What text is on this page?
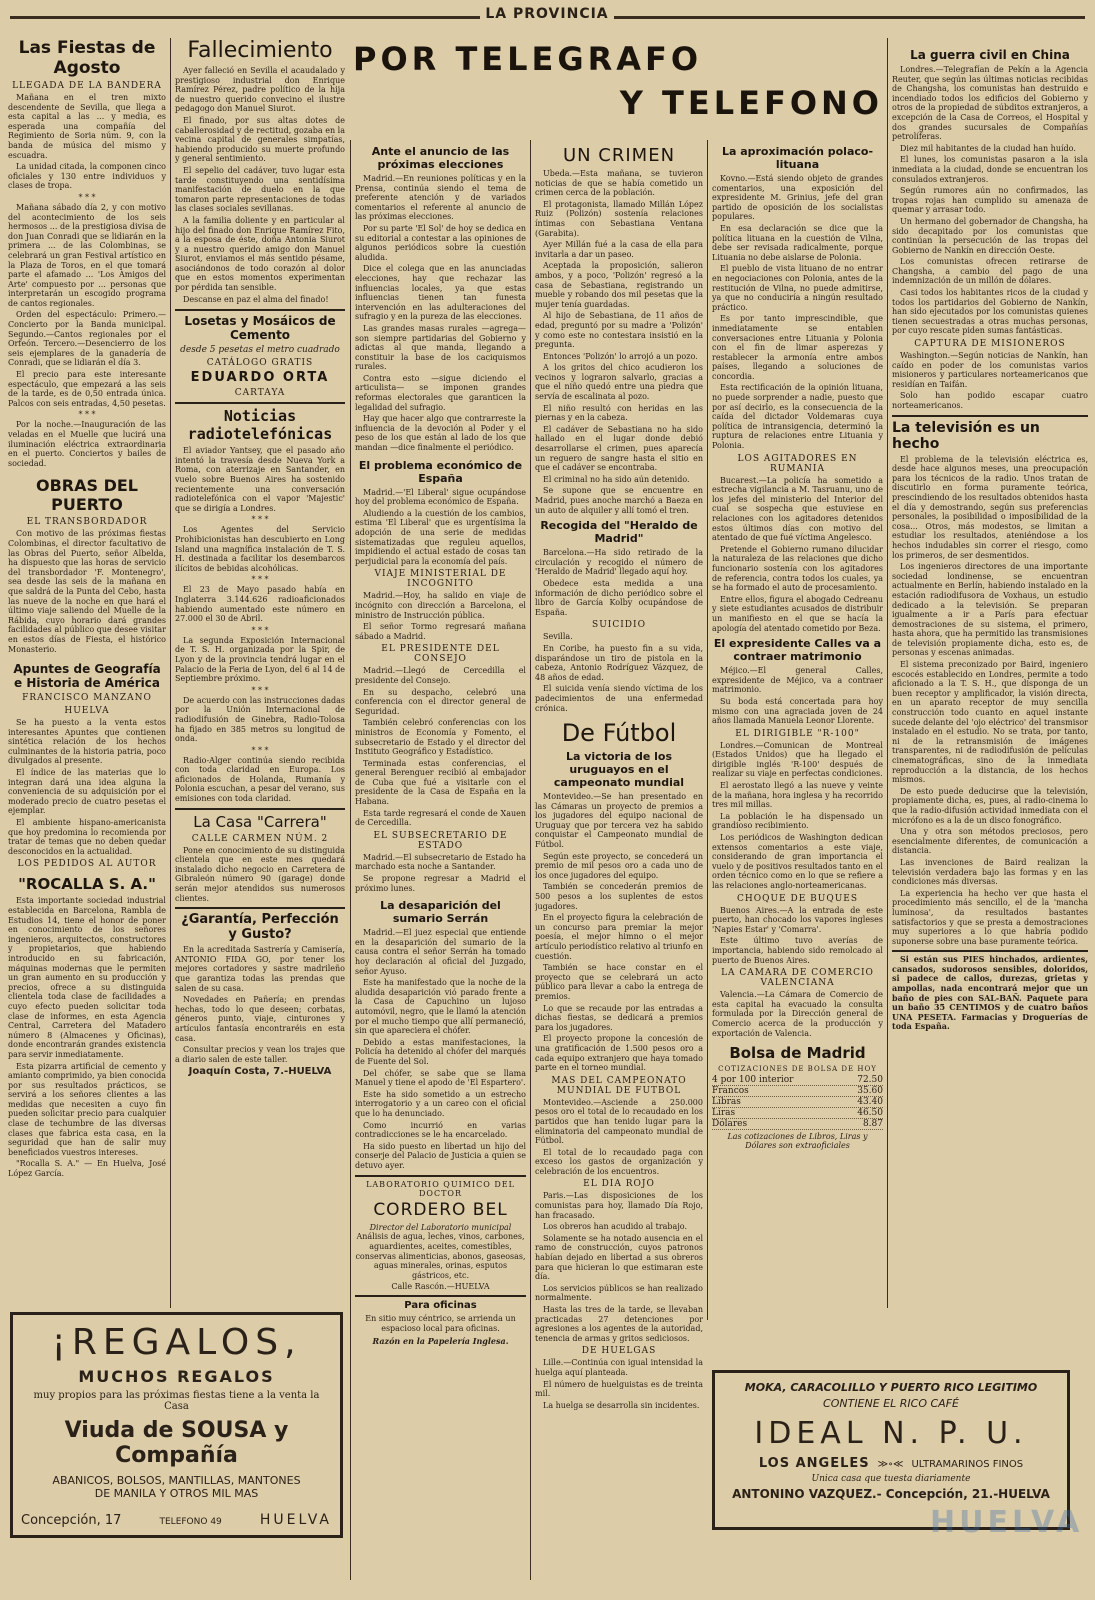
LA PROVINCIA
Las Fiestas de Agosto
LLEGADA DE LA BANDERA

Mañana en el tren mixto descendente de Sevilla, que llega a esta capital a las ... y media, es esperada una compañía del Regimiento de Soria núm. 9, con la banda de música del mismo y escuadra.

La unidad citada, la componen cinco oficiales y 130 entre individuos y clases de tropa.

* * *

Mañana sábado día 2, y con motivo del acontecimiento de los seis hermosos ... de la prestigiosa divisa de don Juan Conradi que se lidiarán en la primera ... de las Colombinas, se celebrará un gran Festival artístico en la Plaza de Toros, en el que tomará parte el afamado ... 'Los Amigos del Arte' compuesto por ... personas que interpretarán un escogido programa de cantos regionales.

Orden del espectáculo: Primero.—Concierto por la Banda municipal. Segundo.—Cantos regionales por el Orfeón. Tercero.—Desencierro de los seis ejemplares de la ganadería de Conradi, que se lidiarán el día 3.

El precio para este interesante espectáculo, que empezará a las seis de la tarde, es de 0,50 entrada única. Palcos con seis entradas, 4,50 pesetas.

* * *

Por la noche.—Inauguración de las veladas en el Muelle que lucirá una iluminación eléctrica extraordinaria en el puerto. Conciertos y bailes de sociedad.

OBRAS DEL PUERTO
EL TRANSBORDADOR

Con motivo de las próximas fiestas Colombinas, el director facultativo de las Obras del Puerto, señor Albelda, ha dispuesto que las horas de servicio del transbordador 'F. Montenegro', sea desde las seis de la mañana en que saldrá de la Punta del Cebo, hasta las nueve de la noche en que hará el último viaje saliendo del Muelle de la Rábida, cuyo horario dará grandes facilidades al público que desee visitar en estos días de Fiesta, el histórico Monasterio.

Apuntes de Geografía e Historia de América
FRANCISCO MANZANO
HUELVA

Se ha puesto a la venta estos interesantes Apuntes que contienen sintética relación de los hechos culminantes de la historia patria, poco divulgados al presente.

El índice de las materias que lo integran dará una idea alguna la conveniencia de su adquisición por el moderado precio de cuatro pesetas el ejemplar.

El ambiente hispano-americanista que hoy predomina lo recomienda por tratar de temas que no deben quedar desconocidos en la actualidad.

LOS PEDIDOS AL AUTOR
"ROCALLA S. A."

Esta importante sociedad industrial establecida en Barcelona, Rambla de Estudios 14, tiene el honor de poner en conocimiento de los señores ingenieros, arquitectos, constructores y propietarios, que habiendo introducido en su fabricación, máquinas modernas que le permiten un gran aumento en su producción y precios, ofrece a su distinguida clientela toda clase de facilidades a cuyo efecto pueden solicitar toda clase de informes, en esta Agencia Central, Carretera del Matadero número 8 (Almacenes y Oficinas), donde encontrarán grandes existencia para servir inmediatamente.

Esta pizarra artificial de cemento y amianto comprimido, ya bien conocida por sus resultados prácticos, se servirá a los señores clientes a las medidas que necesiten a cuyo fin pueden solicitar precio para cualquier clase de techumbre de las diversas clases que fabrica esta casa, en la seguridad que han de salir muy beneficiados vuestros intereses.

"Rocalla S. A." — En Huelva, José López García.

Fallecimiento

Ayer falleció en Sevilla el acaudalado y prestigioso industrial don Enrique Ramírez Pérez, padre político de la hija de nuestro querido convecino el ilustre pedagogo don Manuel Siurot.

El finado, por sus altas dotes de caballerosidad y de rectitud, gozaba en la vecina capital de generales simpatías, habiendo producido su muerte profundo y general sentimiento.

El sepelio del cadáver, tuvo lugar esta tarde constituyendo una sentidísima manifestación de duelo en la que tomaron parte representaciones de todas las clases sociales sevillanas.

A la familia doliente y en particular al hijo del finado don Enrique Ramírez Fito, a la esposa de éste, doña Antonia Siurot y a nuestro querido amigo don Manuel Siurot, enviamos el más sentido pésame, asociándonos de todo corazón al dolor que en estos momentos experimentan por pérdida tan sensible.

Descanse en paz el alma del finado!

Losetas y Mosáicos de Cemento
desde 5 pesetas el metro cuadrado
CATÁLOGO GRATIS
EDUARDO ORTA
CARTAYA
Noticias radiotelefónicas

El aviador Yantsey, que el pasado año intentó la travesía desde Nueva York a Roma, con aterrizaje en Santander, en vuelo sobre Buenos Aires ha sostenido recientemente una conversación radiotelefónica con el vapor 'Majestic' que se dirigía a Londres.

* * *

Los Agentes del Servicio Prohibicionistas han descubierto en Long Island una magnífica instalación de T. S. H. destinada a facilitar los desembarcos ilícitos de bebidas alcohólicas.

* * *

El 23 de Mayo pasado había en Inglaterra 3.144.626 radioaficionados habiendo aumentado este número en 27.000 el 30 de Abril.

* * *

La segunda Exposición Internacional de T. S. H. organizada por la Spir, de Lyon y de la provincia tendrá lugar en el Palacio de la Feria de Lyon, del 6 al 14 de Septiembre próximo.

* * *

De acuerdo con las instrucciones dadas por la Unión Internacional de radiodifusión de Ginebra, Radio-Tolosa ha fijado en 385 metros su longitud de onda.

* * *

Radio-Alger continúa siendo recibida con toda claridad en Europa. Los aficionados de Holanda, Rumanía y Polonia escuchan, a pesar del verano, sus emisiones con toda claridad.

La Casa "Carrera"
CALLE CARMEN NÚM. 2

Pone en conocimiento de su distinguida clientela que en este mes quedará instalado dicho negocio en Carretera de Gibraleón número 90 (garage) donde serán mejor atendidos sus numerosos clientes.

¿Garantía, Perfección y Gusto?

En la acreditada Sastrería y Camisería, ANTONIO FIDA GO, por tener los mejores cortadores y sastre madrileño que garantiza todas las prendas que salen de su casa.

Novedades en Pañería; en prendas hechas, todo lo que deseen; corbatas, géneros punto, viaje, cinturones y artículos fantasía encontraréis en esta casa.

Consultar precios y vean los trajes que a diario salen de este taller.

Joaquín Costa, 7.-HUELVA
POR TELEGRAFO
Y TELEFONO
Ante el anuncio de las próximas elecciones

Madrid.—En reuniones políticas y en la Prensa, continúa siendo el tema de preferente atención y de variados comentarios el referente al anuncio de las próximas elecciones.

Por su parte 'El Sol' de hoy se dedica en su editorial a contestar a las opiniones de algunos periódicos sobre la cuestión aludida.

Dice el colega que en las anunciadas elecciones, hay que rechazar las influencias locales, ya que estas influencias tienen tan funesta intervención en las adulteraciones del sufragio y en la pureza de las elecciones.

Las grandes masas rurales —agrega— son siempre partidarias del Gobierno y adictas al que manda, llegando a constituir la base de los caciquismos rurales.

Contra esto —sigue diciendo el articulista— se imponen grandes reformas electorales que garanticen la legalidad del sufragio.

Hay que hacer algo que contrarreste la influencia de la devoción al Poder y el peso de los que están al lado de los que mandan —dice finalmente el periódico.

El problema económico de España

Madrid.—'El Liberal' sigue ocupándose hoy del problema económico de España.

Aludiendo a la cuestión de los cambios, estima 'El Liberal' que es urgentísima la adopción de una serie de medidas sistematizadas que reguleu aquellos, impidiendo el actual estado de cosas tan perjudicial para la economía del país.

VIAJE MINISTERIAL DE INCOGNITO

Madrid.—Hoy, ha salido en viaje de incógnito con dirección a Barcelona, el ministro de Instrucción pública.

El señor Tormo regresará mañana sábado a Madrid.

EL PRESIDENTE DEL CONSEJO

Madrid.—Llegó de Cercedilla el presidente del Consejo.

En su despacho, celebró una conferencia con el director general de Seguridad.

También celebró conferencias con los ministros de Economía y Fomento, el subsecretario de Estado y el director del Instituto Geográfico y Estadístico.

Terminada estas conferencias, el general Berenguer recibió al embajador de Cuba que fué a visitarle con el presidente de la Casa de España en la Habana.

Esta tarde regresará el conde de Xauen de Cercedilla.

EL SUBSECRETARIO DE ESTADO

Madrid.—El subsecretario de Estado ha marchado esta noche a Santander.

Se propone regresar a Madrid el próximo lunes.

La desaparición del sumario Serrán

Madrid.—El juez especial que entiende en la desaparición del sumario de la causa contra el señor Serrán ha tomado hoy declaración al oficial del Juzgado, señor Ayuso.

Este ha manifestado que la noche de la aludida desaparición vió parado frente a la Casa de Capuchino un lujoso automóvil, negro, que le llamó la atención por el mucho tiempo que allí permaneció, sin que apareciera el chófer.

Debido a estas manifestaciones, la Policía ha detenido al chófer del marqués de Fuente del Sol.

Del chófer, se sabe que se llama Manuel y tiene el apodo de 'El Espartero'.

Este ha sido sometido a un estrecho interrogatorio y a un careo con el oficial que lo ha denunciado.

Como incurrió en varias contradicciones se le ha encarcelado.

Ha sido puesto en libertad un hijo del conserje del Palacio de Justicia a quien se detuvo ayer.

LABORATORIO QUIMICO DEL DOCTOR
CORDERO BEL
Director del Laboratorio municipal

Análisis de agua, leches, vinos, carbones, aguardientes, aceites, comestibles, conservas alimenticias, abonos, gaseosas, aguas minerales, orinas, esputos gástricos, etc.

Calle Rascón.—HUELVA
Para oficinas

En sitio muy céntrico, se arrienda un espacioso local para oficinas.

Razón en la Papelería Inglesa.
UN CRIMEN

Ubeda.—Esta mañana, se tuvieron noticias de que se había cometido un crimen cerca de la población.

El protagonista, llamado Millán López Ruiz (Polizón) sostenía relaciones íntimas con Sebastiana Ventana (Garabita).

Ayer Millán fué a la casa de ella para invitarla a dar un paseo.

Aceptada la proposición, salieron ambos, y a poco, 'Polizón' regresó a la casa de Sebastiana, registrando un mueble y robando dos mil pesetas que la mujer tenía guardadas.

Al hijo de Sebastiana, de 11 años de edad, preguntó por su madre a 'Polizón' y como este no contestara insistió en la pregunta.

Entonces 'Polizón' lo arrojó a un pozo.

A los gritos del chico acudieron los vecinos y lograron salvarlo, gracias a que el niño quedó entre una piedra que servía de escalinata al pozo.

El niño resultó con heridas en las piernas y en la cabeza.

El cadáver de Sebastiana no ha sido hallado en el lugar donde debió desarrollarse el crimen, pues aparecía un reguero de sangre hasta el sitio en que el cadáver se encontraba.

El criminal no ha sido aún detenido.

Se supone que se encuentre en Madrid, pues anoche marchó a Baeza en un auto de alquiler y allí tomó el tren.

Recogida del "Heraldo de Madrid"

Barcelona.—Ha sido retirado de la circulación y recogido el número de 'Heraldo de Madrid' llegado aquí hoy.

Obedece esta medida a una información de dicho periódico sobre el libro de García Kolby ocupándose de España.

SUICIDIO

Sevilla.

En Coribe, ha puesto fin a su vida, disparándose un tiro de pistola en la cabeza, Antonio Rodríguez Vázquez, de 48 años de edad.

El suicida venía siendo víctima de los padecimientos de una enfermedad crónica.

De Fútbol
La victoria de los uruguayos en el campeonato mundial

Montevideo.—Se han presentado en las Cámaras un proyecto de premios a los jugadores del equipo nacional de Uruguay que por tercera vez ha sabido conquistar el Campeonato mundial de Fútbol.

Según este proyecto, se concederá un premio de mil pesos oro a cada uno de los once jugadores del equipo.

También se concederán premios de 500 pesos a los suplentes de estos jugadores.

En el proyecto figura la celebración de un concurso para premiar la mejor poesía, el mejor himno o el mejor artículo periodístico relativo al triunfo en cuestión.

También se hace constar en el proyecto que se celebrará un acto público para llevar a cabo la entrega de premios.

Lo que se recaude por las entradas a dichas fiestas, se dedicará a premios para los jugadores.

El proyecto propone la concesión de una gratificación de 1.500 pesos oro a cada equipo extranjero que haya tomado parte en el torneo mundial.

MAS DEL CAMPEONATO MUNDIAL DE FUTBOL

Montevideo.—Asciende a 250.000 pesos oro el total de lo recaudado en los partidos que han tenido lugar para la eliminatoria del campeonato mundial de Fútbol.

El total de lo recaudado paga con exceso los gastos de organización y celebración de los encuentros.

EL DIA ROJO

Paris.—Las disposiciones de los comunistas para hoy, llamado Día Rojo, han fracasado.

Los obreros han acudido al trabajo.

Solamente se ha notado ausencia en el ramo de construcción, cuyos patronos habían dejado en libertad a sus obreros para que hicieran lo que estimaran este día.

Los servicios públicos se han realizado normalmente.

Hasta las tres de la tarde, se llevaban practicadas 27 detenciones por agresiones a los agentes de la autoridad, tenencia de armas y gritos sediciosos.

DE HUELGAS

Lille.—Continúa con igual intensidad la huelga aquí planteada.

El número de huelguistas es de treinta mil.

La huelga se desarrolla sin incidentes.

La aproximación polaco-lituana

Kovno.—Está siendo objeto de grandes comentarios, una exposición del expresidente M. Grinius, jefe del gran partido de oposición de los socialistas populares.

En esa declaración se dice que la política lituana en la cuestión de Vilna, debe ser revisada radicalmente, porque Lituania no debe aislarse de Polonia.

El pueblo de vista lituano de no entrar en negociaciones con Polonia, antes de la restitución de Vilna, no puede admitirse, ya que no conduciría a ningún resultado práctico.

Es por tanto imprescindible, que inmediatamente se entablen conversaciones entre Lituania y Polonia con el fin de limar asperezas y restablecer la armonía entre ambos países, llegando a soluciones de concordia.

Esta rectificación de la opinión lituana, no puede sorprender a nadie, puesto que por así decirlo, es la consecuencia de la caída del dictador Voldemaras cuya política de intransigencia, determinó la ruptura de relaciones entre Lituania y Polonia.

LOS AGITADORES EN RUMANIA

Bucarest.—La policía ha sometido a estrecha vigilancia a M. Tasruanu, uno de los jefes del ministerio del Interior del cual se sospecha que estuviese en relaciones con los agitadores detenidos estos últimos días con motivo del atentado de que fué víctima Angelesco.

Pretende el Gobierno rumano dilucidar la naturaleza de las relaciones que dicho funcionario sostenía con los agitadores de referencia, contra todos los cuales, ya se ha formado el auto de procesamiento.

Entre ellos, figura el abogado Cedreanu y siete estudiantes acusados de distribuir un manifiesto en el que se hacía la apología del atentado cometido por Beza.

El expresidente Calles va a contraer matrimonio

Méjico.—El general Calles, expresidente de Méjico, va a contraer matrimonio.

Su boda está concertada para hoy mismo con una agraciada joven de 24 años llamada Manuela Leonor Llorente.

EL DIRIGIBLE "R-100"

Londres.—Comunican de Montreal (Estados Unidos) que ha llegado el dirigible inglés 'R-100' después de realizar su viaje en perfectas condiciones.

El aerostato llegó a las nueve y veinte de la mañana, hora inglesa y ha recorrido tres mil millas.

La población le ha dispensado un grandioso recibimiento.

Los periódicos de Washington dedican extensos comentarios a este viaje, considerando de gran importancia el vuelo y de positivos resultados tanto en el orden técnico como en lo que se refiere a las relaciones anglo-norteamericanas.

CHOQUE DE BUQUES

Buenos Aires.—A la entrada de este puerto, han chocado los vapores ingleses 'Napies Estar' y 'Comarra'.

Este último tuvo averías de importancia, habiendo sido remolcado al puerto de Buenos Aires.

LA CAMARA DE COMERCIO VALENCIANA

Valencia.—La Cámara de Comercio de esta capital ha evacuado la consulta formulada por la Dirección general de Comercio acerca de la producción y exportación de Valencia.

Bolsa de Madrid
COTIZACIONES DE BOLSA DE HOY
4 por 100 interior	72.50
Francos	35.60
Libras	43.40
Liras	46.50
Dólares	8.87
Las cotizaciones de Libros, Liras y Dólares son extraoficiales
La guerra civil en China

Londres.—Telegrafían de Pekín a la Agencia Reuter, que según las últimas noticias recibidas de Changsha, los comunistas han destruido e incendiado todos los edificios del Gobierno y otros de la propiedad de súbditos extranjeros, a excepción de la Casa de Correos, el Hospital y dos grandes sucursales de Compañías petrolíferas.

Diez mil habitantes de la ciudad han huído.

El lunes, los comunistas pasaron a la isla inmediata a la ciudad, donde se encuentran los consulados extranjeros.

Según rumores aún no confirmados, las tropas rojas han cumplido su amenaza de quemar y arrasar todo.

Un hermano del gobernador de Changsha, ha sido decapitado por los comunistas que continúan la persecución de las tropas del Gobierno de Nankín en dirección Oeste.

Los comunistas ofrecen retirarse de Changsha, a cambio del pago de una indemnización de un millón de dólares.

Casi todos los habitantes ricos de la ciudad y todos los partidarios del Gobierno de Nankín, han sido ejecutados por los comunistas quienes tienen secuestradas a otras muchas personas, por cuyo rescate piden sumas fantásticas.

CAPTURA DE MISIONEROS

Washington.—Según noticias de Nankín, han caído en poder de los comunistas varios misioneros y particulares norteamericanos que residían en Taifán.

Solo han podido escapar cuatro norteamericanos.

La televisión es un hecho

El problema de la televisión eléctrica es, desde hace algunos meses, una preocupación para los técnicos de la radio. Unos tratan de discutirlo en forma puramente teórica, prescindiendo de los resultados obtenidos hasta el día y demostrando, según sus preferencias personales, la posibilidad o imposibilidad de la cosa... Otros, más modestos, se limitan a estudiar los resultados, ateniéndose a los hechos indudables sin correr el riesgo, como los primeros, de ser desmentidos.

Los ingenieros directores de una importante sociedad londinense, se encuentran actualmente en Berlín, habiendo instalado en la estación radiodifusora de Voxhaus, un estudio dedicado a la televisión. Se preparan igualmente a ir a París para efectuar demostraciones de su sistema, el primero, hasta ahora, que ha permitido las transmisiones de televisión propiamente dicha, esto es, de personas y escenas animadas.

El sistema preconizado por Baird, ingeniero escocés establecido en Londres, permite a todo aficionado a la T. S. H., que disponga de un buen receptor y amplificador, la visión directa, en un aparato receptor de muy sencilla construcción todo cuanto en aquel instante sucede delante del 'ojo eléctrico' del transmisor instalado en el estudio. No se trata, por tanto, ni de la retransmisión de imágenes transparentes, ni de radiodifusión de películas cinematográficas, sino de la inmediata reproducción a la distancia, de los hechos mismos.

De esto puede deducirse que la televisión, propiamente dicha, es, pues, al radio-cinema lo que la radio-difusión actividad inmediata con el micrófono es a la de un disco fonográfico.

Una y otra son métodos preciosos, pero esencialmente diferentes, de comunicación a distancia.

Las invenciones de Baird realizan la televisión verdadera bajo las formas y en las condiciones más diversas.

La experiencia ha hecho ver que hasta el procedimiento más sencillo, el de la 'mancha luminosa', da resultados bastantes satisfactorios y que se presta a demostraciones muy superiores a lo que habría podido suponerse sobre una base puramente teórica.

Si están sus PIES hinchados, ardientes, cansados, sudorosos sensibles, doloridos, si padece de callos, durezas, grietas y ampollas, nada encontrará mejor que un baño de pies con SAL-BAÑ. Paquete para un baño 35 CENTIMOS y de cuatro baños UNA PESETA. Farmacias y Droguerías de toda España.

¡REGALOS,
MUCHOS REGALOS
muy propios para las próximas fiestas tiene a la venta la Casa
Viuda de SOUSA y Compañía
ABANICOS, BOLSOS, MANTILLAS, MANTONES
DE MANILA Y OTROS MIL MAS
Concepción, 17	TELEFONO 49	HUELVA
MOKA, CARACOLILLO Y PUERTO RICO LEGITIMO
CONTIENE EL RICO CAFÉ
IDEAL N. P. U.
LOS ANGELES ≫∘≪ ULTRAMARINOS FINOS
Unica casa que tuesta diariamente
ANTONINO VAZQUEZ.- Concepción, 21.-HUELVA
HUELVA
